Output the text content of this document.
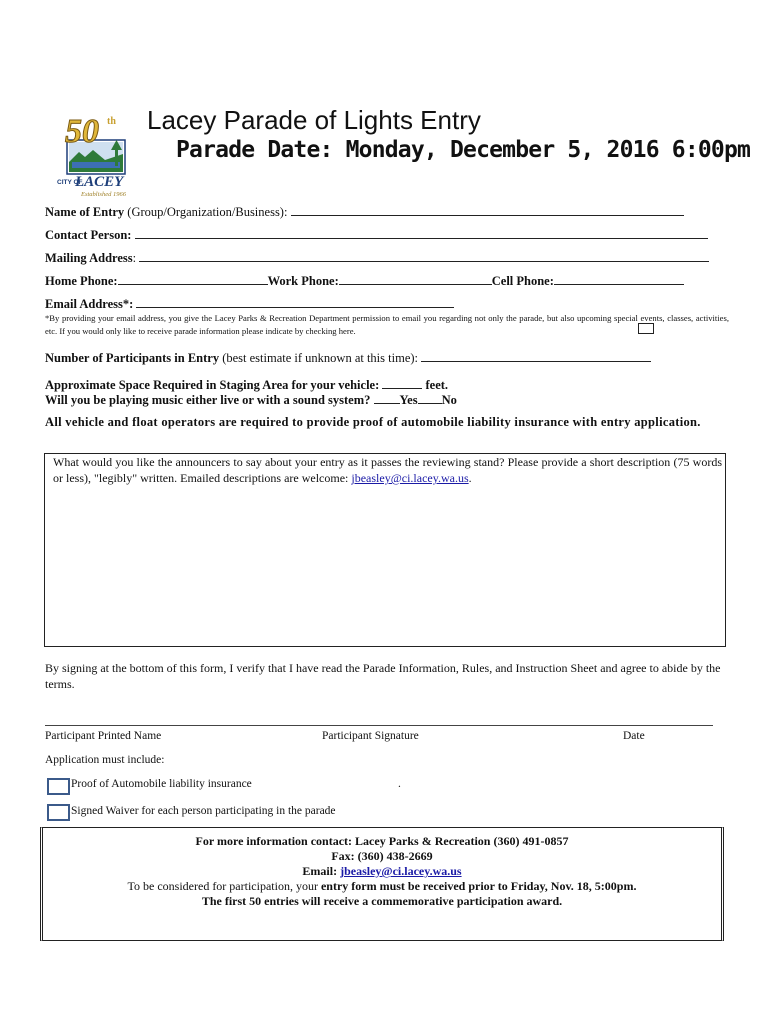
50 th
CITY OF
LACEY
Established 1966
Lacey Parade of Lights Entry
Parade Date: Monday, December 5, 2016 6:00pm
Name of Entry (Group/Organization/Business):
Contact Person:
Mailing Address:
Home Phone:	Work Phone:	Cell Phone:
Email Address*:
*By providing your email address, you give the Lacey Parks & Recreation Department permission to email you regarding not only the parade, but also upcoming special events, classes, activities, etc. If you would only like to receive parade information please indicate by checking here.
Number of Participants in Entry (best estimate if unknown at this time):
Approximate Space Required in Staging Area for your vehicle:	feet.
Will you be playing music either live or with a sound system? Yes No
All vehicle and float operators are required to provide proof of automobile liability insurance with entry application.
What would you like the announcers to say about your entry as it passes the reviewing stand? Please provide a short description (75 words or less), "legibly" written. Emailed descriptions are welcome: jbeasley@ci.lacey.wa.us.
By signing at the bottom of this form, I verify that I have read the Parade Information, Rules, and Instruction Sheet and agree to abide by the terms.
Participant Printed Name	Participant Signature	Date
Application must include:
Proof of Automobile liability insurance	.
Signed Waiver for each person participating in the parade
For more information contact: Lacey Parks & Recreation (360) 491-0857
Fax: (360) 438-2669
Email: jbeasley@ci.lacey.wa.us
To be considered for participation, your entry form must be received prior to Friday, Nov. 18, 5:00pm.
The first 50 entries will receive a commemorative participation award.
